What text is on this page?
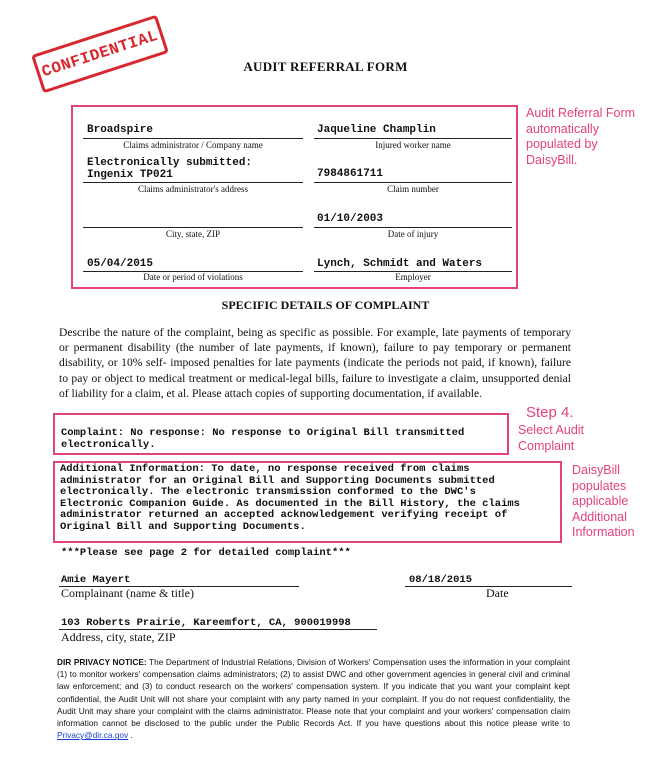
CONFIDENTIAL	AUDIT REFERRAL FORM
Broadspire
Claims administrator / Company name
Jaqueline Champlin
Injured worker name
Electronically submitted:
Ingenix TP021
Claims administrator's address
7984861711
Claim number
City, state, ZIP
01/10/2003
Date of injury
05/04/2015
Date or period of violations
Lynch, Schmidt and Waters
Employer
Audit Referral Form automatically populated by DaisyBill.
Step 4.
Select Audit Complaint
DaisyBill populates applicable Additional Information
SPECIFIC DETAILS OF COMPLAINT
Describe the nature of the complaint, being as specific as possible. For example, late payments of temporary or permanent disability (the number of late payments, if known), failure to pay temporary or permanent disability, or 10% self- imposed penalties for late payments (indicate the periods not paid, if known), failure to pay or object to medical treatment or medical-legal bills, failure to investigate a claim, unsupported denial of liability for a claim, et al. Please attach copies of supporting documentation, if available.
Complaint: No response: No response to Original Bill transmitted
electronically.
Additional Information: To date, no response received from claims
administrator for an Original Bill and Supporting Documents submitted
electronically. The electronic transmission conformed to the DWC's
Electronic Companion Guide. As documented in the Bill History, the claims
administrator returned an accepted acknowledgement verifying receipt of
Original Bill and Supporting Documents.
***Please see page 2 for detailed complaint***
Amie Mayert
Complainant (name & title)
08/18/2015
Date
103 Roberts Prairie, Kareemfort, CA, 900019998
Address, city, state, ZIP
DIR PRIVACY NOTICE: The Department of Industrial Relations, Division of Workers' Compensation uses the information in your complaint (1) to monitor workers' compensation claims administrators; (2) to assist DWC and other government agencies in general civil and criminal law enforcement; and (3) to conduct research on the workers' compensation system. If you indicate that you want your complaint kept confidential, the Audit Unit will not share your complaint with any party named in your complaint. If you do not request confidentiality, the Audit Unit may share your complaint with the claims administrator. Please note that your complaint and your workers' compensation claim information cannot be disclosed to the public under the Public Records Act. If you have questions about this notice please write to Privacy@dir.ca.gov .
